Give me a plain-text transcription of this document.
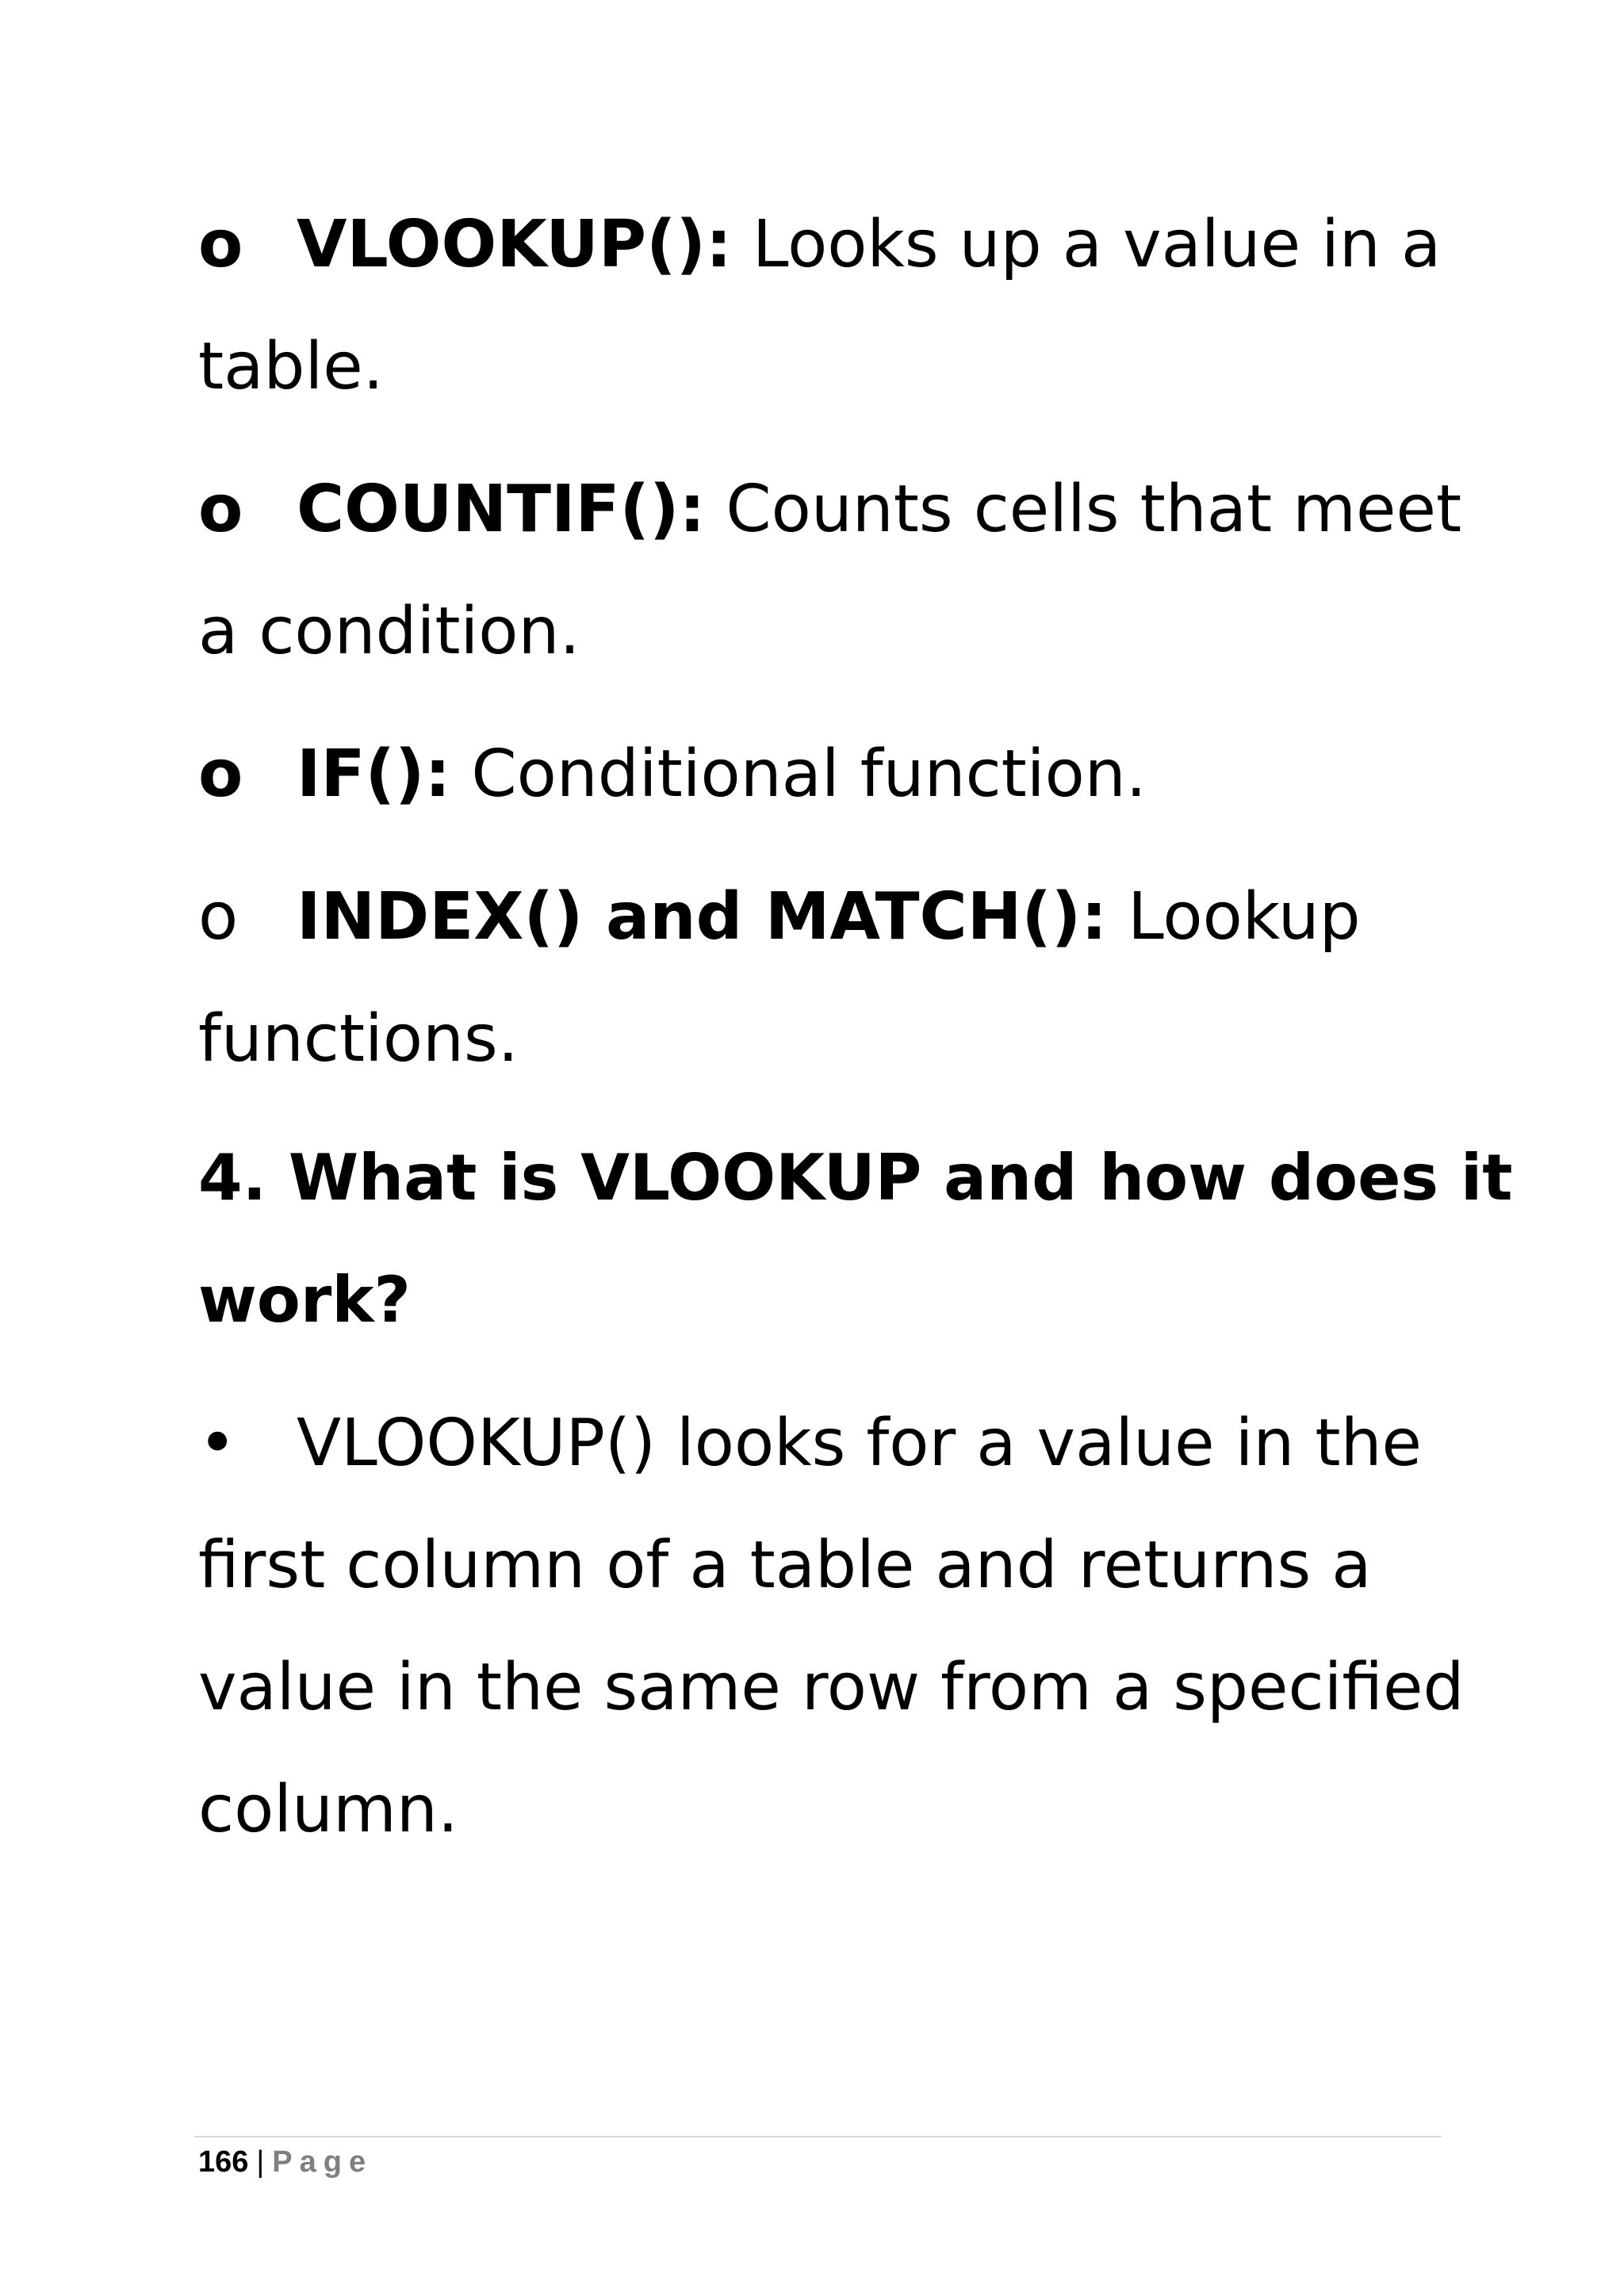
o VLOOKUP(): Looks up a value in a
table.
o COUNTIF(): Counts cells that meet
a condition.
o IF(): Conditional function.
o INDEX() and MATCH(): Lookup
functions.
4. What is VLOOKUP and how does it
work?
• VLOOKUP() looks for a value in the
first column of a table and returns a
value in the same row from a specified
column.
166 | Page
